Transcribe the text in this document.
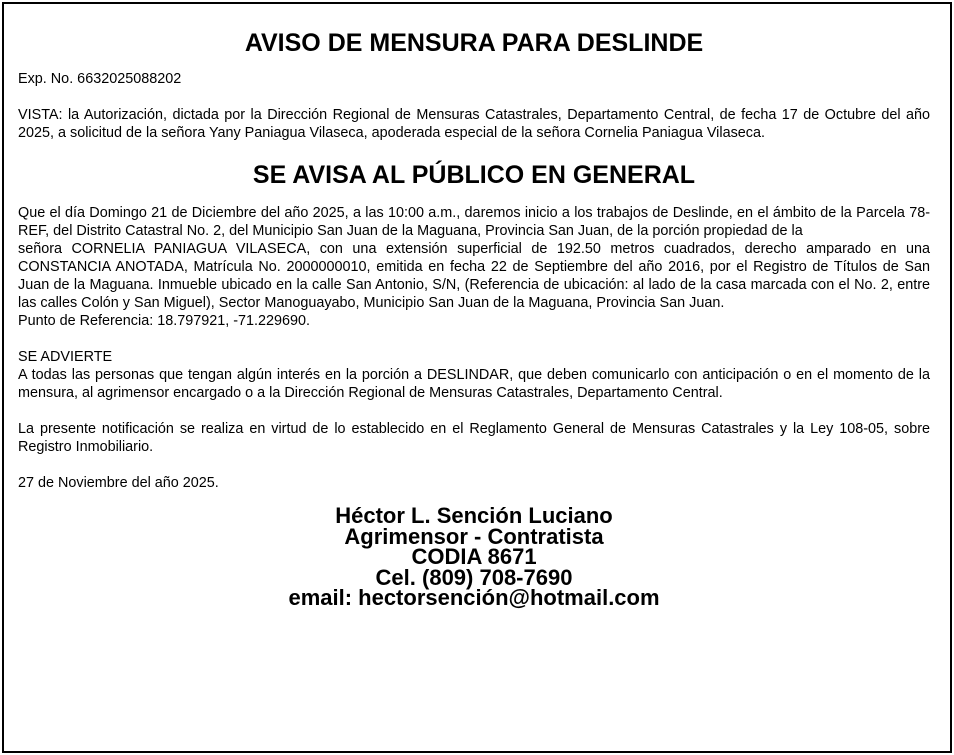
AVISO DE MENSURA PARA DESLINDE

Exp. No. 6632025088202

VISTA: la Autorización, dictada por la Dirección Regional de Mensuras Catastrales, Departamento Central, de fecha 17 de Octubre del año 2025, a solicitud de la señora Yany Paniagua Vilaseca, apoderada especial de la señora Cornelia Paniagua Vilaseca.

SE AVISA AL PÚBLICO EN GENERAL

Que el día Domingo 21 de Diciembre del año 2025, a las 10:00 a.m., daremos inicio a los trabajos de Deslinde, en el ámbito de la Parcela 78-REF, del Distrito Catastral No. 2, del Municipio San Juan de la Maguana, Provincia San Juan, de la porción propiedad de la

señora CORNELIA PANIAGUA VILASECA, con una extensión superficial de 192.50 metros cuadrados, derecho amparado en una CONSTANCIA ANOTADA, Matrícula No. 2000000010, emitida en fecha 22 de Septiembre del año 2016, por el Registro de Títulos de San Juan de la Maguana. Inmueble ubicado en la calle San Antonio, S/N, (Referencia de ubicación: al lado de la casa marcada con el No. 2, entre las calles Colón y San Miguel), Sector Manoguayabo, Municipio San Juan de la Maguana, Provincia San Juan.

Punto de Referencia: 18.797921, -71.229690.

SE ADVIERTE

A todas las personas que tengan algún interés en la porción a DESLINDAR, que deben comunicarlo con anticipación o en el momento de la mensura, al agrimensor encargado o a la Dirección Regional de Mensuras Catastrales, Departamento Central.

La presente notificación se realiza en virtud de lo establecido en el Reglamento General de Mensuras Catastrales y la Ley 108-05, sobre Registro Inmobiliario.

27 de Noviembre del año 2025.

Héctor L. Sención Luciano
Agrimensor - Contratista
CODIA 8671
Cel. (809) 708-7690
email: hectorsención@hotmail.com
